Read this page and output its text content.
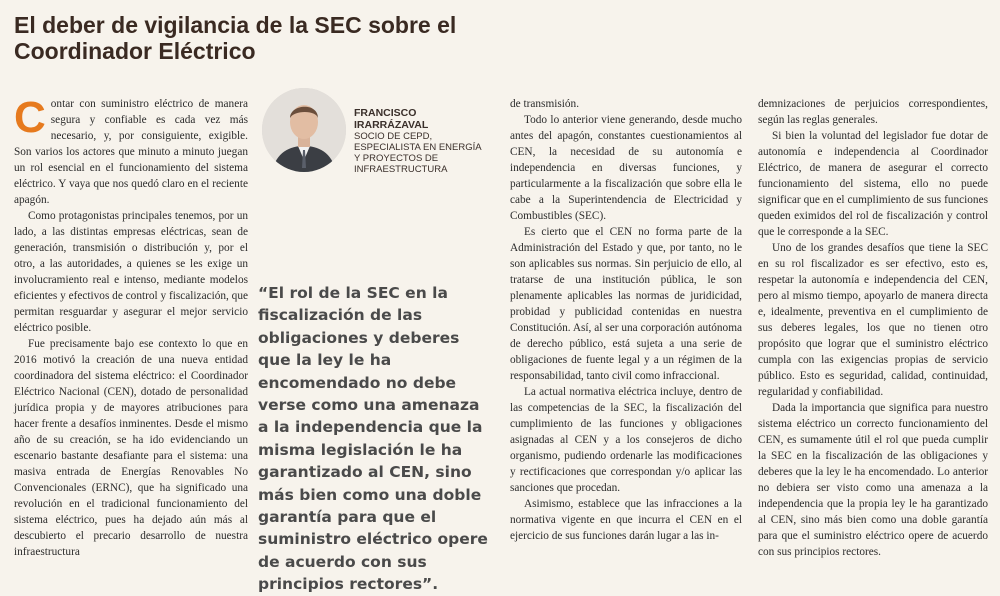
El deber de vigilancia de la SEC sobre el Coordinador Eléctrico
FRANCISCO IRARRÁZAVAL
SOCIO DE CEPD, ESPECIALISTA EN ENERGÍA Y PROYECTOS DE INFRAESTRUCTURA

Contar con suministro eléctrico de manera segura y confiable es cada vez más necesario, y, por consiguiente, exigible. Son varios los actores que minuto a minuto juegan un rol esencial en el funcionamiento del sistema eléctrico. Y vaya que nos quedó claro en el reciente apagón.

Como protagonistas principales tenemos, por un lado, a las distintas empresas eléctricas, sean de generación, transmisión o distribución y, por el otro, a las autoridades, a quienes se les exige un involucramiento real e intenso, mediante modelos eficientes y efectivos de control y fiscalización, que permitan resguardar y asegurar el mejor servicio eléctrico posible.

Fue precisamente bajo ese contexto lo que en 2016 motivó la creación de una nueva entidad coordinadora del sistema eléctrico: el Coordinador Eléctrico Nacional (CEN), dotado de personalidad jurídica propia y de mayores atribuciones para hacer frente a desafíos inminentes. Desde el mismo año de su creación, se ha ido evidenciando un escenario bastante desafiante para el sistema: una masiva entrada de Energías Renovables No Convencionales (ERNC), que ha significado una revolución en el tradicional funcionamiento del sistema eléctrico, pues ha dejado aún más al descubierto el precario desarrollo de nuestra infraestructura

“El rol de la SEC en la fiscalización de las obligaciones y deberes que la ley le ha encomendado no debe verse como una amenaza a la independencia que la misma legislación le ha garantizado al CEN, sino más bien como una doble garantía para que el suministro eléctrico opere de acuerdo con sus principios rectores”.

de transmisión.

Todo lo anterior viene generando, desde mucho antes del apagón, constantes cuestionamientos al CEN, la necesidad de su autonomía e independencia en diversas funciones, y particularmente a la fiscalización que sobre ella le cabe a la Superintendencia de Electricidad y Combustibles (SEC).

Es cierto que el CEN no forma parte de la Administración del Estado y que, por tanto, no le son aplicables sus normas. Sin perjuicio de ello, al tratarse de una institución pública, le son plenamente aplicables las normas de juridicidad, probidad y publicidad contenidas en nuestra Constitución. Así, al ser una corporación autónoma de derecho público, está sujeta a una serie de obligaciones de fuente legal y a un régimen de la responsabilidad, tanto civil como infraccional.

La actual normativa eléctrica incluye, dentro de las competencias de la SEC, la fiscalización del cumplimiento de las funciones y obligaciones asignadas al CEN y a los consejeros de dicho organismo, pudiendo ordenarle las modificaciones y rectificaciones que correspondan y/o aplicar las sanciones que procedan.

Asimismo, establece que las infracciones a la normativa vigente en que incurra el CEN en el ejercicio de sus funciones darán lugar a las in-

demnizaciones de perjuicios correspondientes, según las reglas generales.

Si bien la voluntad del legislador fue dotar de autonomía e independencia al Coordinador Eléctrico, de manera de asegurar el correcto funcionamiento del sistema, ello no puede significar que en el cumplimiento de sus funciones queden eximidos del rol de fiscalización y control que le corresponde a la SEC.

Uno de los grandes desafíos que tiene la SEC en su rol fiscalizador es ser efectivo, esto es, respetar la autonomía e independencia del CEN, pero al mismo tiempo, apoyarlo de manera directa e, idealmente, preventiva en el cumplimiento de sus deberes legales, los que no tienen otro propósito que lograr que el suministro eléctrico cumpla con las exigencias propias de servicio público. Esto es seguridad, calidad, continuidad, regularidad y confiabilidad.

Dada la importancia que significa para nuestro sistema eléctrico un correcto funcionamiento del CEN, es sumamente útil el rol que pueda cumplir la SEC en la fiscalización de las obligaciones y deberes que la ley le ha encomendado. Lo anterior no debiera ser visto como una amenaza a la independencia que la propia ley le ha garantizado al CEN, sino más bien como una doble garantía para que el suministro eléctrico opere de acuerdo con sus principios rectores.
